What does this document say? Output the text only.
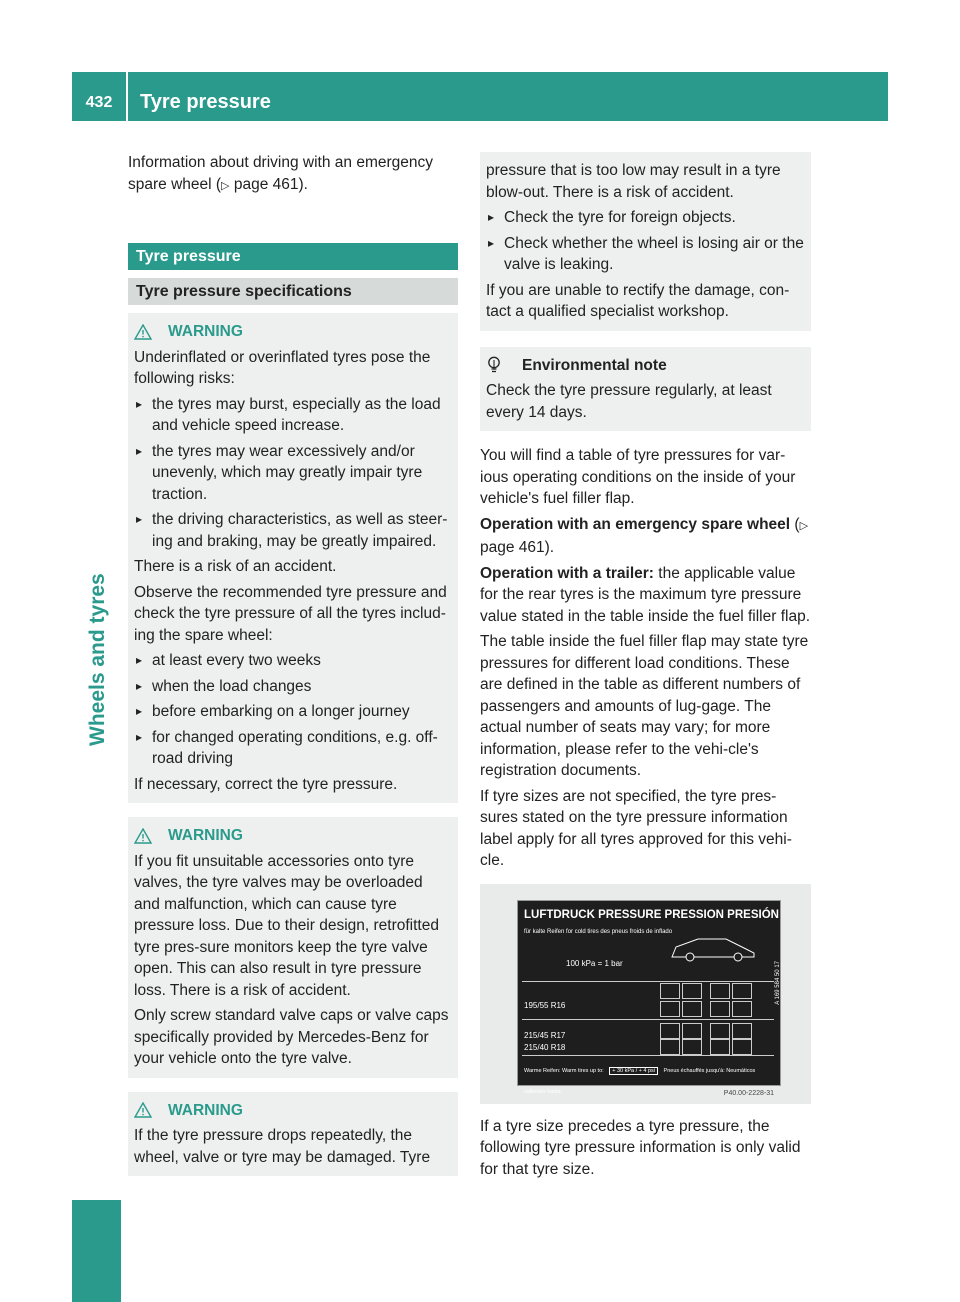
432	Tyre pressure
Wheels and tyres

Information about driving with an emergency
spare wheel (▷ page 461).

Tyre pressure
Tyre pressure specifications
WARNING

Underinflated or overinflated tyres pose the following risks:

▸ the tyres may burst, especially as the load and vehicle speed increase.
▸ the tyres may wear excessively and/or unevenly, which may greatly impair tyre traction.
▸ the driving characteristics, as well as steer-ing and braking, may be greatly impaired.

There is a risk of an accident.

Observe the recommended tyre pressure and check the tyre pressure of all the tyres includ-ing the spare wheel:

▸ at least every two weeks
▸ when the load changes
▸ before embarking on a longer journey
▸ for changed operating conditions, e.g. off-road driving

If necessary, correct the tyre pressure.

WARNING

If you fit unsuitable accessories onto tyre valves, the tyre valves may be overloaded and malfunction, which can cause tyre pressure loss. Due to their design, retrofitted tyre pres-sure monitors keep the tyre valve open. This can also result in tyre pressure loss. There is a risk of accident.

Only screw standard valve caps or valve caps specifically provided by Mercedes-Benz for your vehicle onto the tyre valve.

WARNING

If the tyre pressure drops repeatedly, the wheel, valve or tyre may be damaged. Tyre

pressure that is too low may result in a tyre blow-out. There is a risk of accident.

▸ Check the tyre for foreign objects.
▸ Check whether the wheel is losing air or the valve is leaking.

If you are unable to rectify the damage, con-tact a qualified specialist workshop.

Environmental note

Check the tyre pressure regularly, at least every 14 days.

You will find a table of tyre pressures for var-ious operating conditions on the inside of your vehicle's fuel filler flap.

Operation with an emergency spare wheel (▷ page 461).

Operation with a trailer: the applicable value for the rear tyres is the maximum tyre pressure value stated in the table inside the fuel filler flap.

The table inside the fuel filler flap may state tyre pressures for different load conditions. These are defined in the table as different numbers of passengers and amounts of lug-gage. The actual number of seats may vary; for more information, please refer to the vehi-cle's registration documents.

If tyre sizes are not specified, the tyre pres-sures stated on the tyre pressure information label apply for all tyres approved for this vehi-cle.

LUFTDRUCK PRESSURE PRESSION PRESIÓN
für kalte Reifen for cold tires des pneus froids de inflado
100 kPa = 1 bar
195/55 R16
215/45 R17
215/40 R18
A 169 584 50 17
Warme Reifen: Warm tires up to: + 30 kPa / + 4 psi Pneus échauffés jusqu'à: Neumáticos calientes hasta:	P40.00-2228-31

If a tyre size precedes a tyre pressure, the following tyre pressure information is only valid for that tyre size.
